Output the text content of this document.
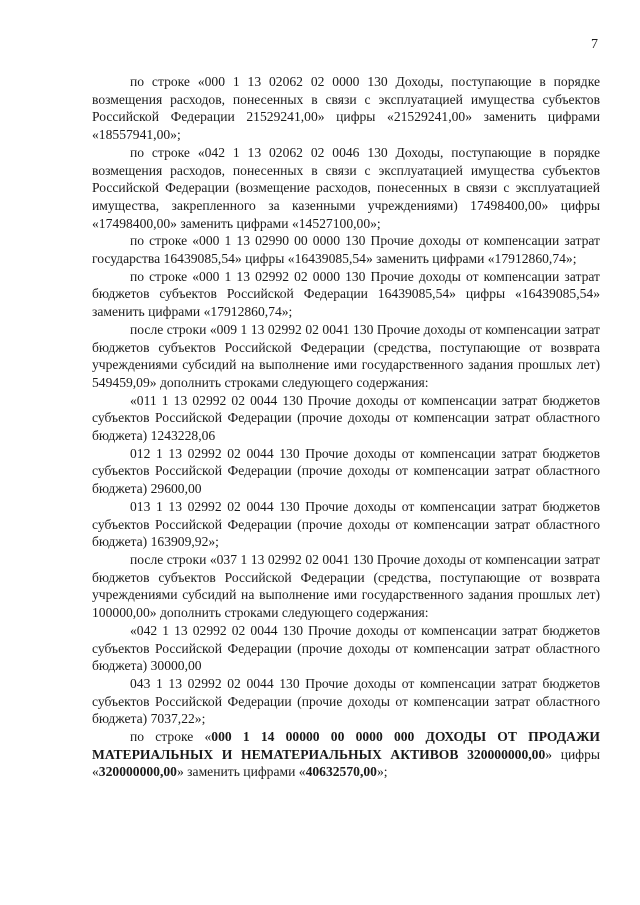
7

по строке «000 1 13 02062 02 0000 130 Доходы, поступающие в порядке возмещения расходов, понесенных в связи с эксплуатацией имущества субъектов Российской Федерации 21529241,00» цифры «21529241,00» заменить цифрами «18557941,00»;

по строке «042 1 13 02062 02 0046 130 Доходы, поступающие в порядке возмещения расходов, понесенных в связи с эксплуатацией имущества субъектов Российской Федерации (возмещение расходов, понесенных в связи с эксплуатацией имущества, закрепленного за казенными учреждениями) 17498400,00» цифры «17498400,00» заменить цифрами «14527100,00»;

по строке «000 1 13 02990 00 0000 130 Прочие доходы от компенсации затрат государства 16439085,54» цифры «16439085,54» заменить цифрами «17912860,74»;

по строке «000 1 13 02992 02 0000 130 Прочие доходы от компенсации затрат бюджетов субъектов Российской Федерации 16439085,54» цифры «16439085,54» заменить цифрами «17912860,74»;

после строки «009 1 13 02992 02 0041 130 Прочие доходы от компенсации затрат бюджетов субъектов Российской Федерации (средства, поступающие от возврата учреждениями субсидий на выполнение ими государственного задания прошлых лет) 549459,09» дополнить строками следующего содержания:

«011 1 13 02992 02 0044 130 Прочие доходы от компенсации затрат бюджетов субъектов Российской Федерации (прочие доходы от компенсации затрат областного бюджета) 1243228,06

012 1 13 02992 02 0044 130 Прочие доходы от компенсации затрат бюджетов субъектов Российской Федерации (прочие доходы от компенсации затрат областного бюджета) 29600,00

013 1 13 02992 02 0044 130 Прочие доходы от компенсации затрат бюджетов субъектов Российской Федерации (прочие доходы от компенсации затрат областного бюджета) 163909,92»;

после строки «037 1 13 02992 02 0041 130 Прочие доходы от компенсации затрат бюджетов субъектов Российской Федерации (средства, поступающие от возврата учреждениями субсидий на выполнение ими государственного задания прошлых лет) 100000,00» дополнить строками следующего содержания:

«042 1 13 02992 02 0044 130 Прочие доходы от компенсации затрат бюджетов субъектов Российской Федерации (прочие доходы от компенсации затрат областного бюджета) 30000,00

043 1 13 02992 02 0044 130 Прочие доходы от компенсации затрат бюджетов субъектов Российской Федерации (прочие доходы от компенсации затрат областного бюджета) 7037,22»;

по строке «000 1 14 00000 00 0000 000 ДОХОДЫ ОТ ПРОДАЖИ МАТЕРИАЛЬНЫХ И НЕМАТЕРИАЛЬНЫХ АКТИВОВ 320000000,00» цифры «320000000,00» заменить цифрами «40632570,00»;
